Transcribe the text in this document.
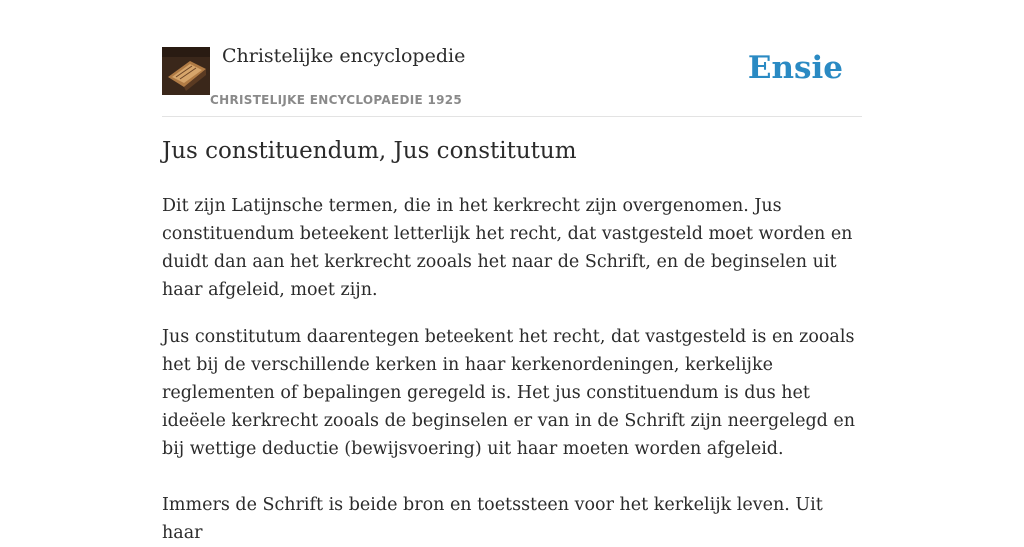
Christelijke encyclopedie
CHRISTELIJKE ENCYCLOPAEDIE 1925
Ensie
Jus constituendum, Jus constitutum

Dit zijn Latijnsche termen, die in het kerkrecht zijn overgenomen. Jus constituendum beteekent letterlijk het recht, dat vastgesteld moet worden en duidt dan aan het kerkrecht zooals het naar de Schrift, en de beginselen uit haar afgeleid, moet zijn.

Jus constitutum daarentegen beteekent het recht, dat vastgesteld is en zooals het bij de verschillende kerken in haar kerkenordeningen, kerkelijke reglementen of bepalingen geregeld is. Het jus constituendum is dus het ideëele kerkrecht zooals de beginselen er van in de Schrift zijn neergelegd en bij wettige deductie (bewijsvoering) uit haar moeten worden afgeleid.

Immers de Schrift is beide bron en toetssteen voor het kerkelijk leven. Uit haar
